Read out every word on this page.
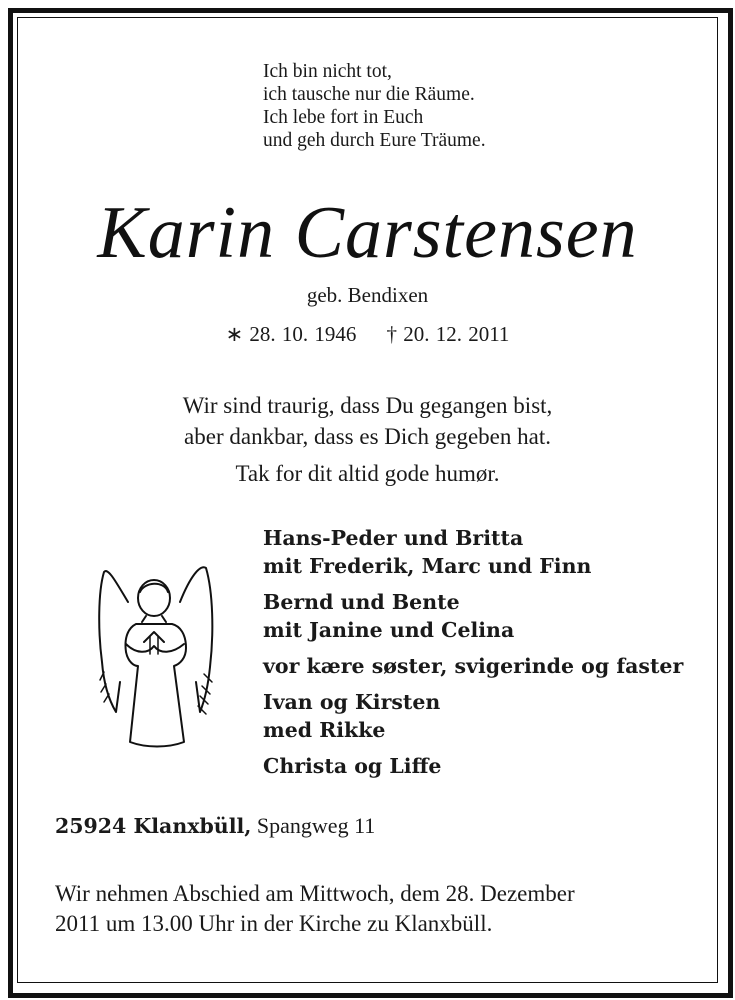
Ich bin nicht tot,
ich tausche nur die Räume.
Ich lebe fort in Euch
und geh durch Eure Träume.
Karin Carstensen
geb. Bendixen
∗ 28. 10. 1946 † 20. 12. 2011
Wir sind traurig, dass Du gegangen bist,
aber dankbar, dass es Dich gegeben hat.
Tak for dit altid gode humør.
Hans-Peder und Britta
mit Frederik, Marc und Finn
Bernd und Bente
mit Janine und Celina
vor kære søster, svigerinde og faster
Ivan og Kirsten
med Rikke
Christa og Liffe
25924 Klanxbüll, Spangweg 11
Wir nehmen Abschied am Mittwoch, dem 28. Dezember
2011 um 13.00 Uhr in der Kirche zu Klanxbüll.
